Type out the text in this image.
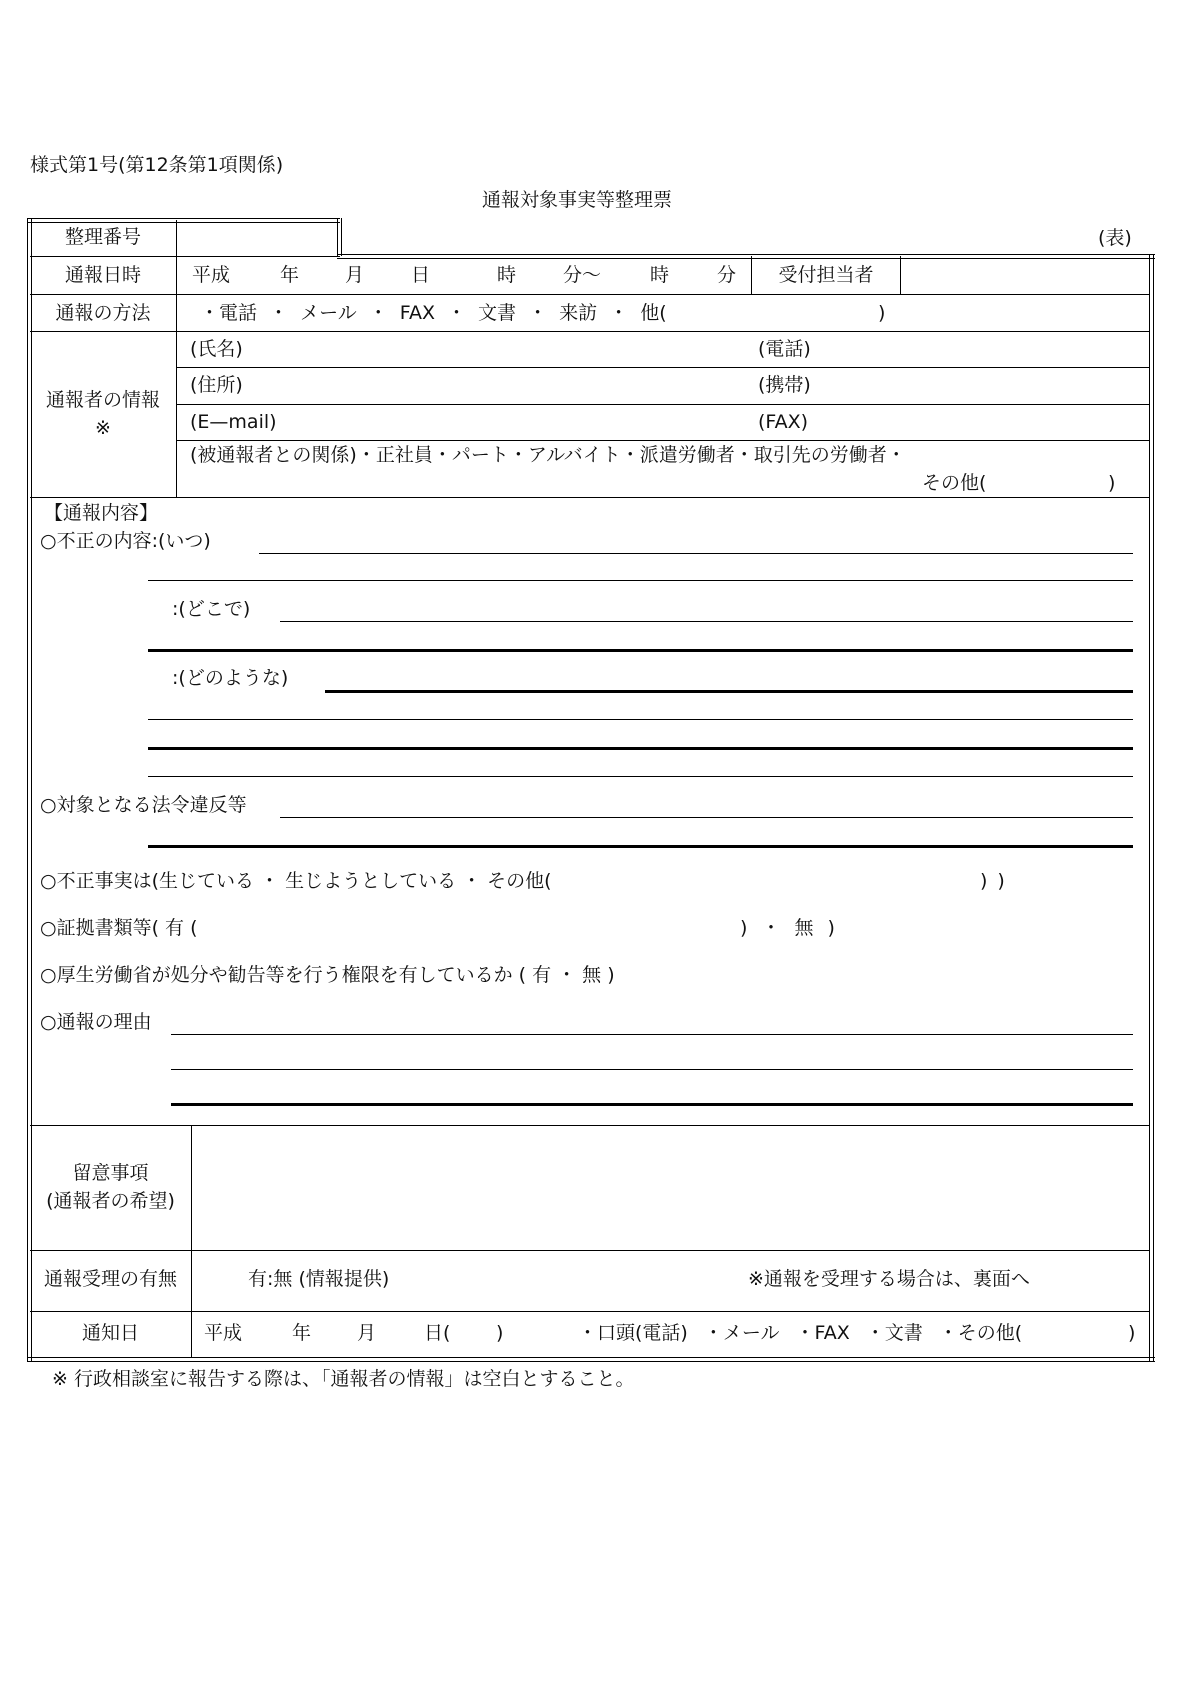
様式第1号(第12条第1項関係)
通報対象事実等整理票
(表)
整理番号
通報日時	平成	年 月 日	時 分〜	時	分	受付担当者
通報の方法	・電話 ・ メール ・ FAX ・ 文書 ・ 来訪 ・ 他(	)
通報者の情報
※
(氏名)	(電話)
(住所)	(携帯)
(E—mail)	(FAX)
(被通報者との関係)・正社員・パート・アルバイト・派遣労働者・取引先の労働者・
その他(	)
【通報内容】
○不正の内容:(いつ)
:(どこで)
:(どのような)
○対象となる法令違反等
○不正事実は(生じている ・ 生じようとしている ・ その他(	))
○証拠書類等( 有 (	) ・ 無 )
○厚生労働省が処分や勧告等を行う権限を有しているか ( 有 ・ 無 )
○通報の理由
留意事項
(通報者の希望)
通報受理の有無	有:無 (情報提供)	※通報を受理する場合は、裏面へ
通知日	平成	年 月	日( )	・口頭(電話) ・メール ・FAX ・文書 ・その他(	)
※ 行政相談室に報告する際は、「通報者の情報」は空白とすること。
